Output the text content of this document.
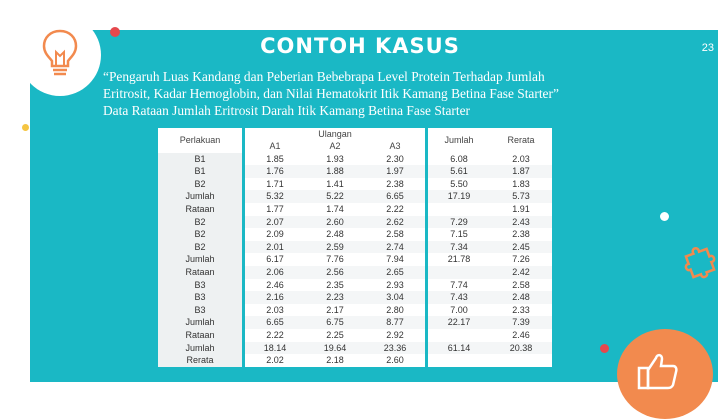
CONTOH KASUS	23
“Pengaruh Luas Kandang dan Peberian Bebebrapa Level Protein Terhadap Jumlah
Eritrosit, Kadar Hemoglobin, dan Nilai Hematokrit Itik Kamang Betina Fase Starter”
Data Rataan Jumlah Eritrosit Darah Itik Kamang Betina Fase Starter
Perlakuan	Ulangan			Jumlah	Rerata
	A1	A2	A3		
B1	1.85	1.93	2.30	6.08	2.03
B1	1.76	1.88	1.97	5.61	1.87
B2	1.71	1.41	2.38	5.50	1.83
Jumlah	5.32	5.22	6.65	17.19	5.73
Rataan	1.77	1.74	2.22		1.91
B2	2.07	2.60	2.62	7.29	2.43
B2	2.09	2.48	2.58	7.15	2.38
B2	2.01	2.59	2.74	7.34	2.45
Jumlah	6.17	7.76	7.94	21.78	7.26
Rataan	2.06	2.56	2.65		2.42
B3	2.46	2.35	2.93	7.74	2.58
B3	2.16	2.23	3.04	7.43	2.48
B3	2.03	2.17	2.80	7.00	2.33
Jumlah	6.65	6.75	8.77	22.17	7.39
Rataan	2.22	2.25	2.92		2.46
Jumlah	18.14	19.64	23.36	61.14	20.38
Rerata	2.02	2.18	2.60		
